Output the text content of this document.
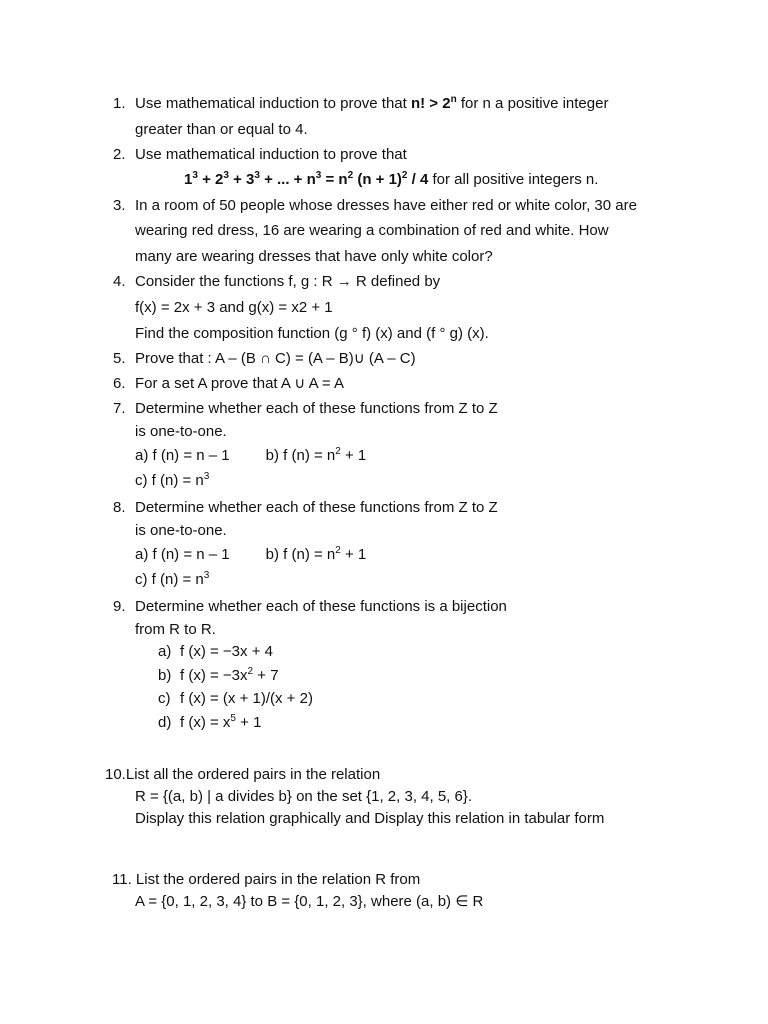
1. Use mathematical induction to prove that n! > $2^n$ for n a positive integer
greater than or equal to 4.
2. Use mathematical induction to prove that
$1^3 + 2^3 + 3^3$ + ... + $n^3 = n^2$ $(n + 1)^2 / 4$ for all positive integers n.
3. In a room of 50 people whose dresses have either red or white color, 30 are
wearing red dress, 16 are wearing a combination of red and white. How
many are wearing dresses that have only white color?
4. Consider the functions f, g : R → R defined by
f(x) = 2x + 3 and g(x) = x2 + 1
Find the composition function (g ° f) (x) and (f ° g) (x).
5. Prove that : A – (B ∩ C) = (A – B)∪ (A – C)
6. For a set A prove that A ∪ A = A
7. Determine whether each of these functions from Z to Z
is one-to-one.
a) f (n) = n – 1 b) f $(n) = n^2 + 1$
c) f $(n) = n^3$
8. Determine whether each of these functions from Z to Z
is one-to-one.
a) f (n) = n – 1 b) f $(n) = n^2 + 1$
c) f $(n) = n^3$
9. Determine whether each of these functions is a bijection
from R to R.
a) f (x) = −3x + 4
b) f $(x) = -3x^2 + 7$
c) f (x) = (x + 1)/(x + 2)
d) f $(x) = x^5 + 1$
10.List all the ordered pairs in the relation
R = {(a, b) | a divides b} on the set {1, 2, 3, 4, 5, 6}.
Display this relation graphically and Display this relation in tabular form
11. List the ordered pairs in the relation R from
A = {0, 1, 2, 3, 4} to B = {0, 1, 2, 3}, where (a, b) ∈ R
